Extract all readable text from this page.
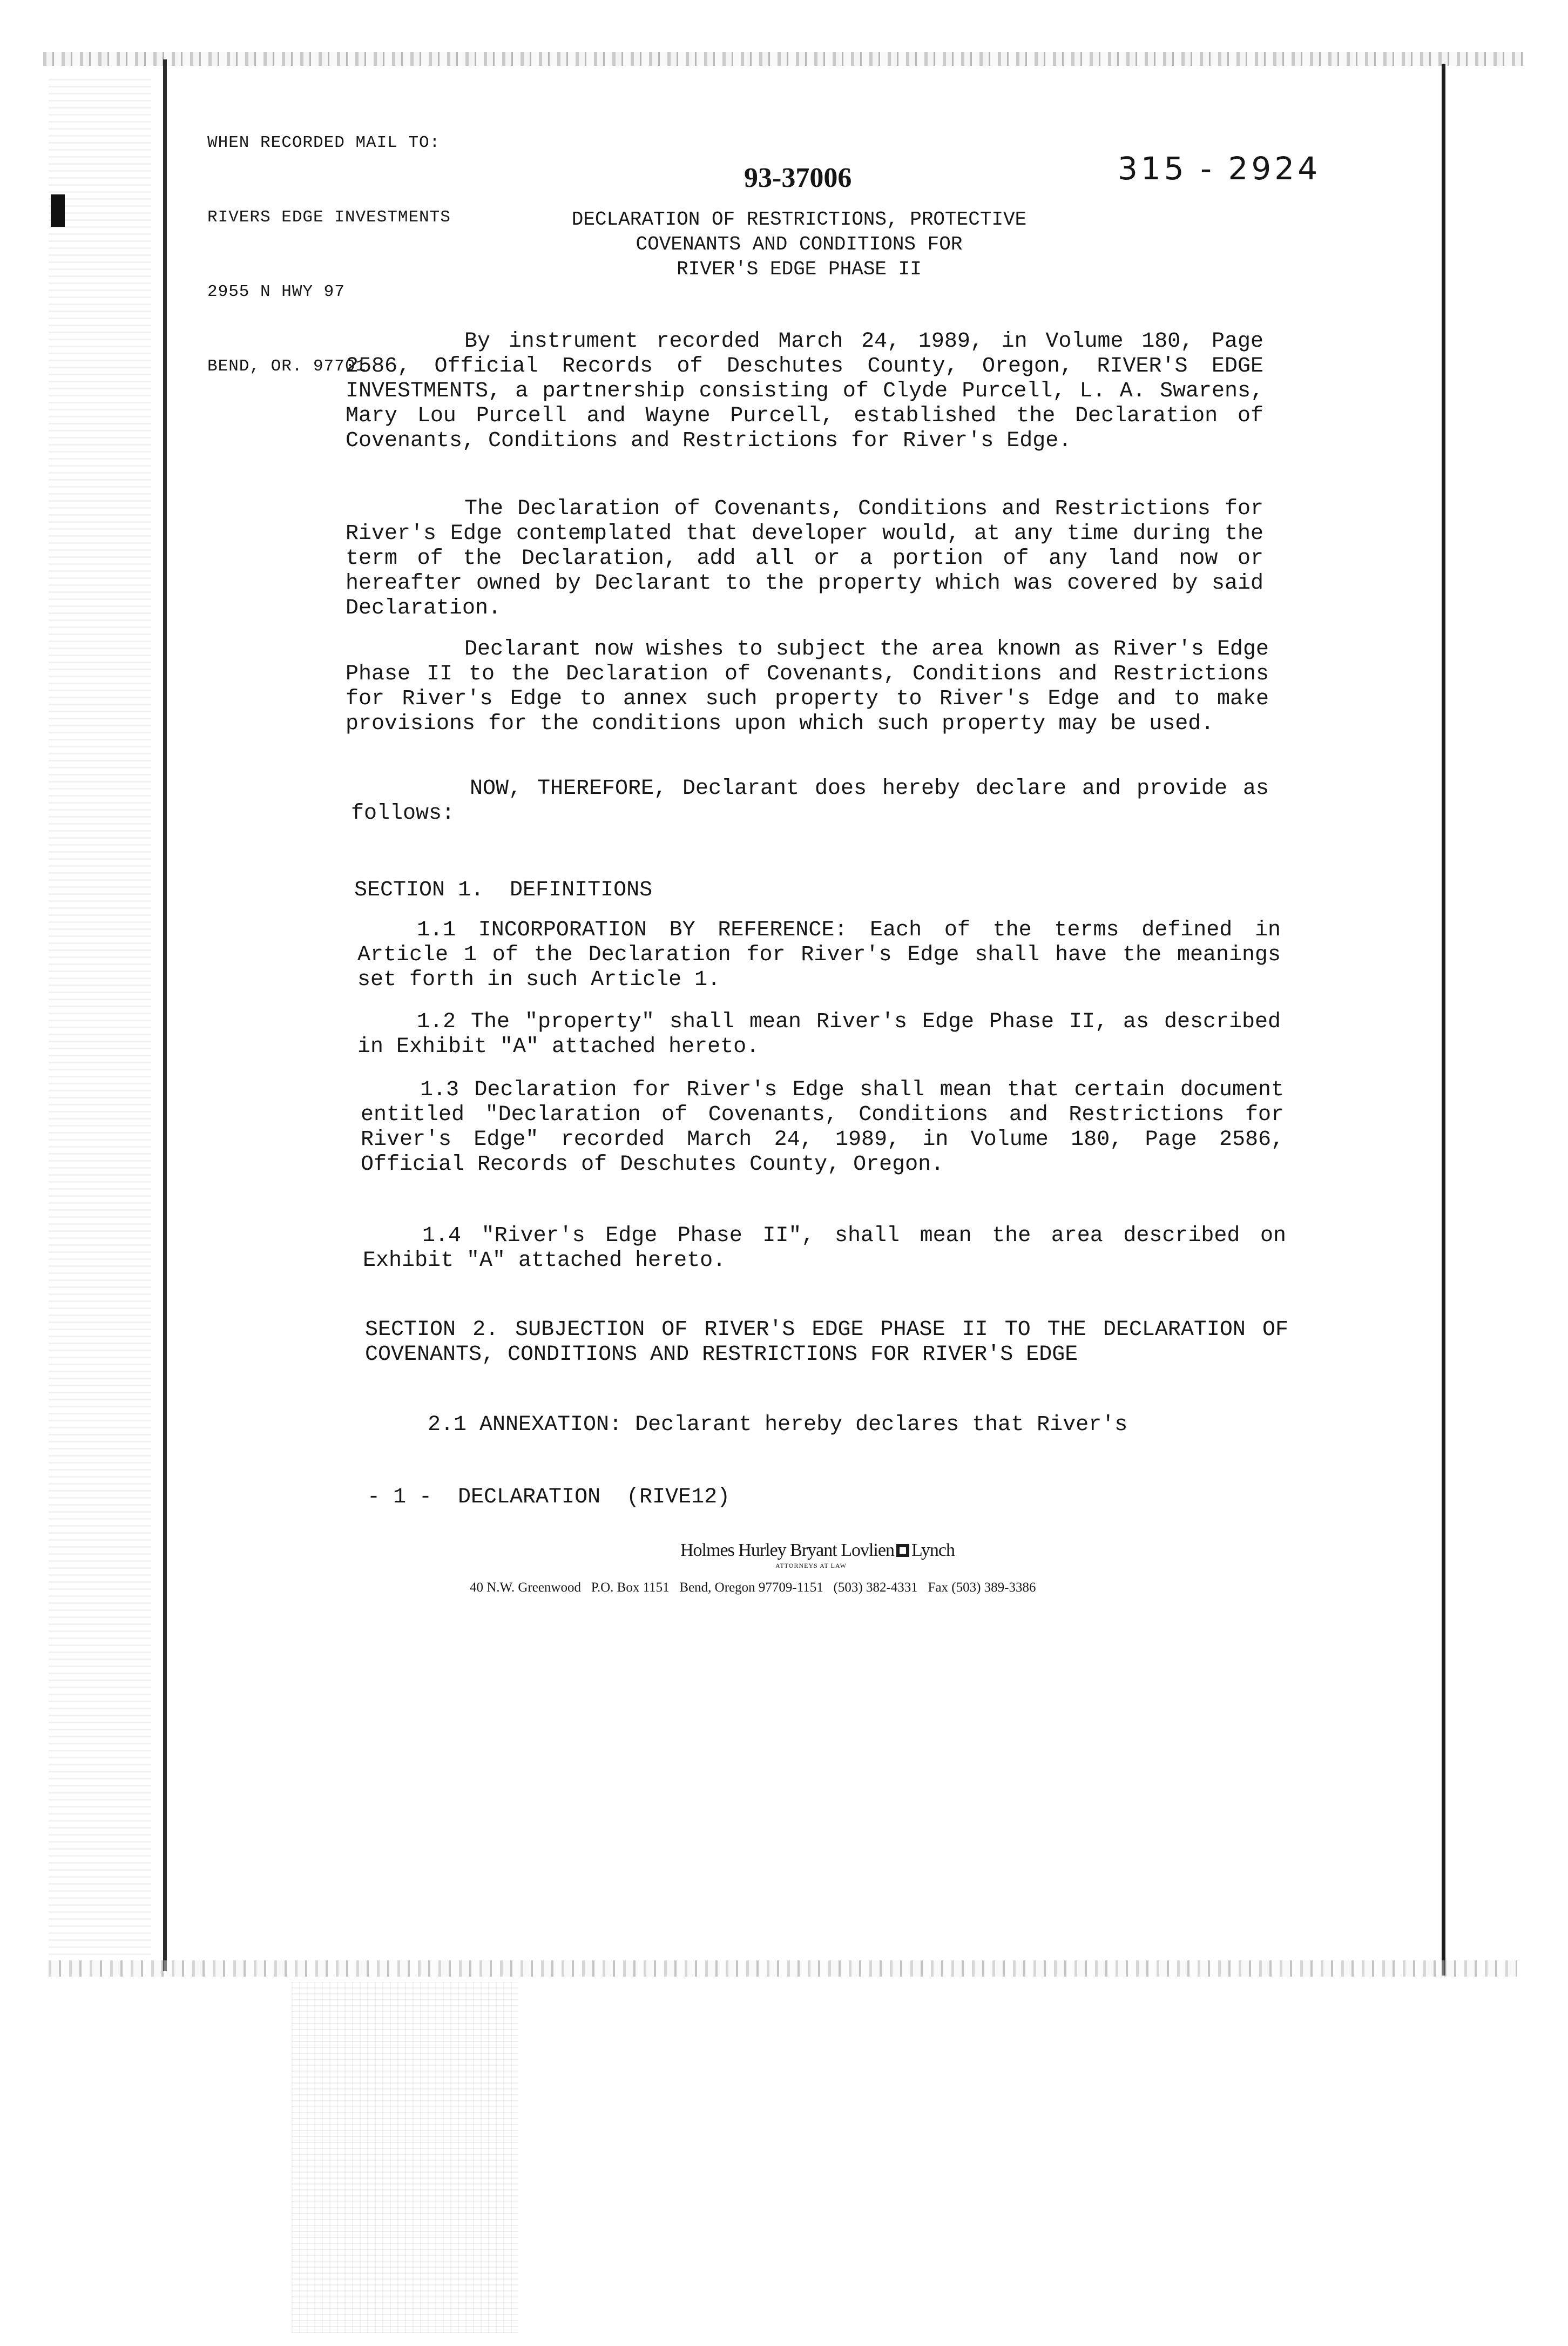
WHEN RECORDED MAIL TO:

RIVERS EDGE INVESTMENTS

2955 N HWY 97

BEND, OR. 97701

93-37006	315 - 2924
DECLARATION OF RESTRICTIONS, PROTECTIVE
COVENANTS AND CONDITIONS FOR
RIVER'S EDGE PHASE II

By instrument recorded March 24, 1989, in Volume 180, Page 2586, Official Records of Deschutes County, Oregon, RIVER'S EDGE INVESTMENTS, a partnership consisting of Clyde Purcell, L. A. Swarens, Mary Lou Purcell and Wayne Purcell, established the Declaration of Covenants, Conditions and Restrictions for River's Edge.

The Declaration of Covenants, Conditions and Restrictions for River's Edge contemplated that developer would, at any time during the term of the Declaration, add all or a portion of any land now or hereafter owned by Declarant to the property which was covered by said Declaration.

Declarant now wishes to subject the area known as River's Edge Phase II to the Declaration of Covenants, Conditions and Restrictions for River's Edge to annex such property to River's Edge and to make provisions for the conditions upon which such property may be used.

NOW, THEREFORE, Declarant does hereby declare and provide as follows:

SECTION 1.  DEFINITIONS

1.1 INCORPORATION BY REFERENCE: Each of the terms defined in Article 1 of the Declaration for River's Edge shall have the meanings set forth in such Article 1.

1.2 The "property" shall mean River's Edge Phase II, as described in Exhibit "A" attached hereto.

1.3 Declaration for River's Edge shall mean that certain document entitled "Declaration of Covenants, Conditions and Restrictions for River's Edge" recorded March 24, 1989, in Volume 180, Page 2586, Official Records of Deschutes County, Oregon.

1.4 "River's Edge Phase II", shall mean the area described on Exhibit "A" attached hereto.

SECTION 2. SUBJECTION OF RIVER'S EDGE PHASE II TO THE DECLARATION OF COVENANTS, CONDITIONS AND RESTRICTIONS FOR RIVER'S EDGE

2.1 ANNEXATION: Declarant hereby declares that River's

- 1 -  DECLARATION  (RIVE12)
Holmes Hurley Bryant Lovlien Lynch
ATTORNEYS AT LAW
40 N.W. Greenwood   P.O. Box 1151   Bend, Oregon 97709-1151   (503) 382-4331   Fax (503) 389-3386
